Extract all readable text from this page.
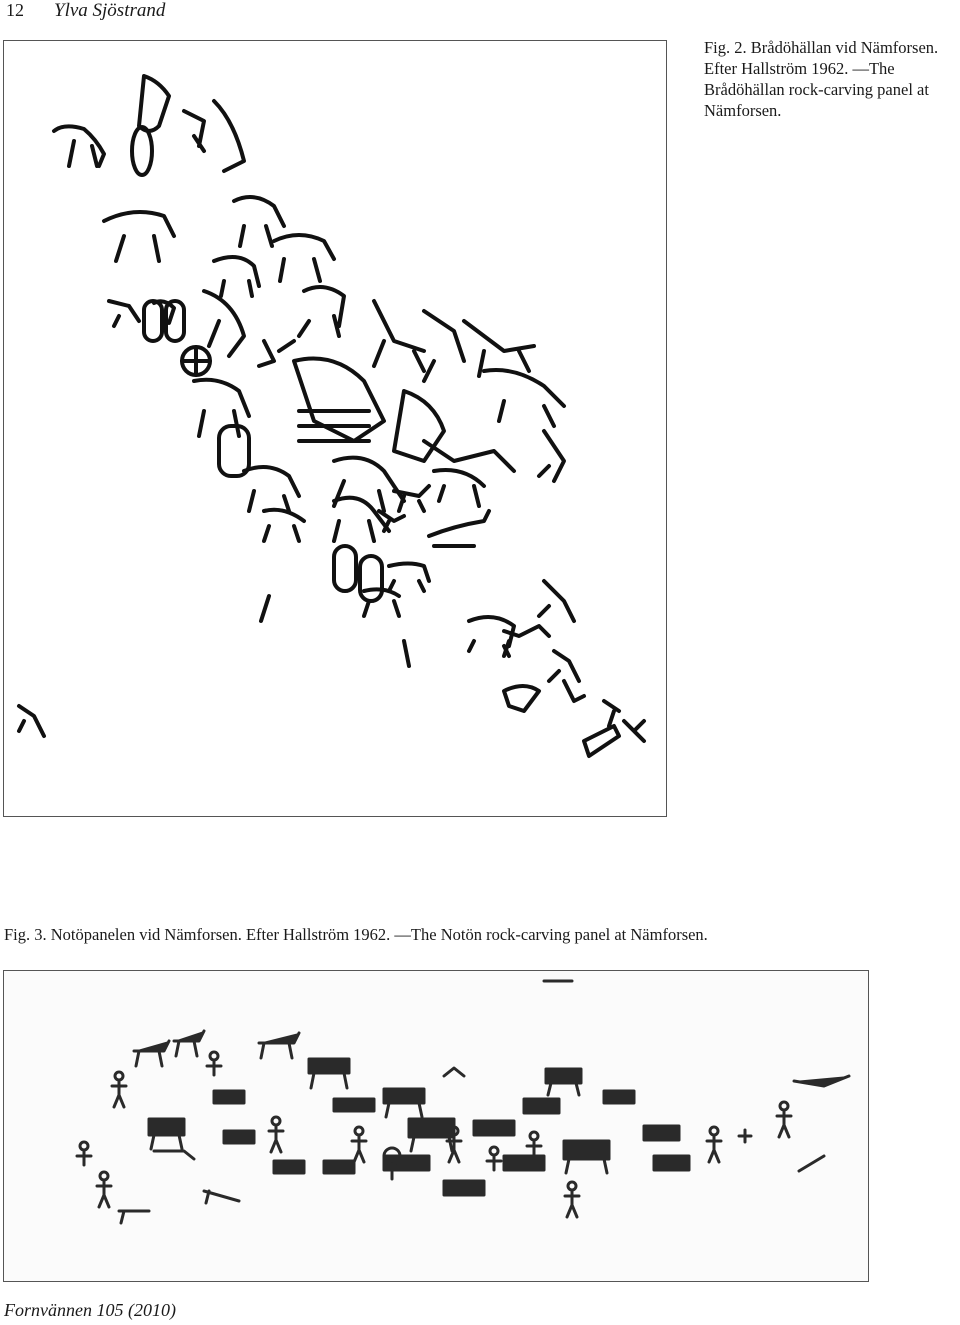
12 Ylva Sjöstrand
Fig. 2. Brådöhällan vid Nämforsen. Efter Hallström 1962. —The Brådöhällan rock-carving panel at Nämforsen.
Fig. 3. Notöpanelen vid Nämforsen. Efter Hallström 1962. —The Notön rock-carving panel at Nämforsen.
Fornvännen 105 (2010)
